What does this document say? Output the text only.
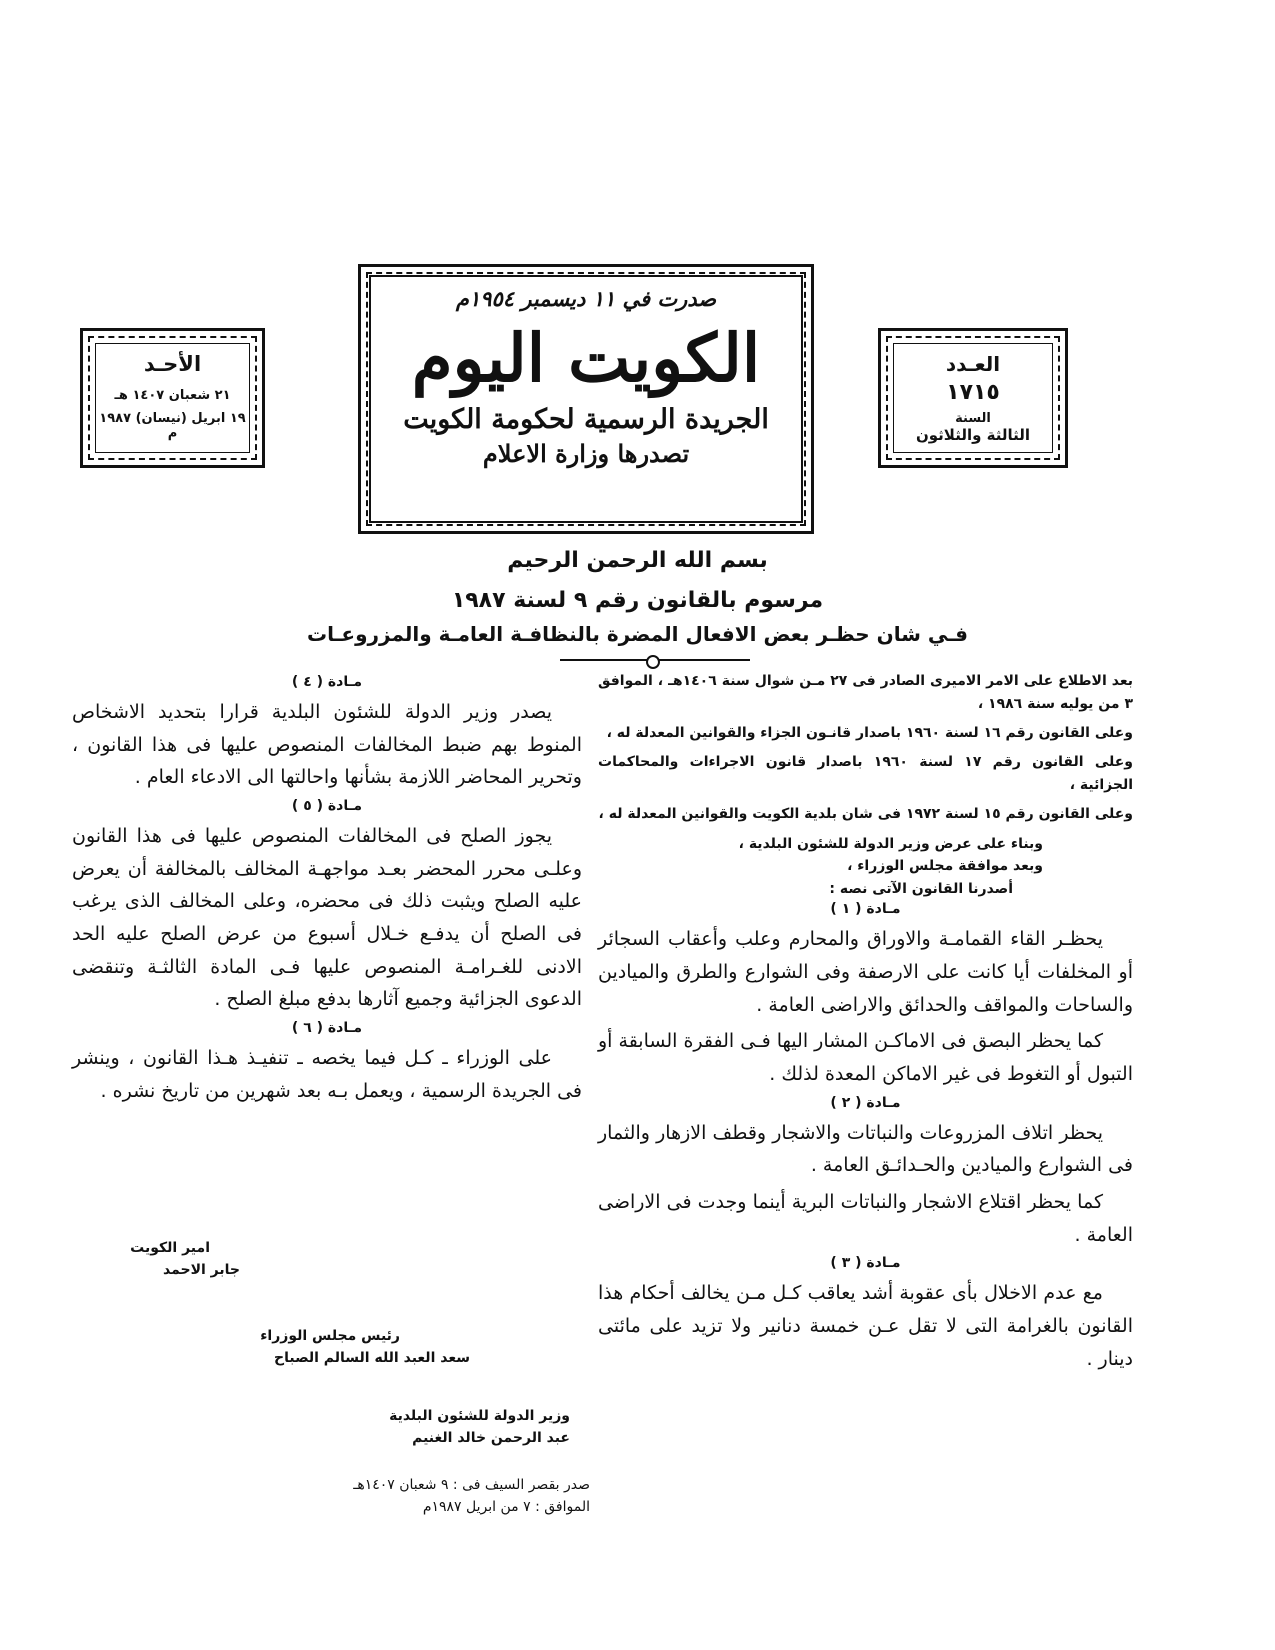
الأحـد
٢١ شعبان ١٤٠٧ هـ
١٩ ابريل (نيسان) ١٩٨٧ م
صدرت في ١١ ديسمبر ١٩٥٤م
الكويت اليوم
الجريدة الرسمية لحكومة الكويت
تصدرها وزارة الاعلام
العـدد
١٧١٥
السنة
الثالثة والثلاثون
بسم الله الرحمن الرحيم
مرسوم بالقانون رقم ٩ لسنة ١٩٨٧
فـي شان حظـر بعض الافعال المضرة بالنظافـة العامـة والمزروعـات

بعد الاطلاع على الامر الاميرى الصادر فى ٢٧ مـن شوال سنة ١٤٠٦هـ ، الموافق ٣ من يوليه سنة ١٩٨٦ ،

وعلى القانون رقم ١٦ لسنة ١٩٦٠ باصدار قانـون الجزاء والقوانين المعدلة له ،

وعلى القانون رقم ١٧ لسنة ١٩٦٠ باصدار قانون الاجراءات والمحاكمات الجزائية ،

وعلى القانون رقم ١٥ لسنة ١٩٧٢ فى شان بلدية الكويت والقوانين المعدلة له ،

وبناء على عرض وزير الدولة للشئون البلدية ،

وبعد موافقة مجلس الوزراء ،

أصدرنا القانون الآتى نصه :

مـادة ( ١ )

يحظـر القاء القمامـة والاوراق والمحارم وعلب وأعقاب السجائر أو المخلفات أيا كانت على الارصفة وفى الشوارع والطرق والميادين والساحات والمواقف والحدائق والاراضى العامة .

كما يحظر البصق فى الاماكـن المشار اليها فـى الفقرة السابقة أو التبول أو التغوط فى غير الاماكن المعدة لذلك .

مـادة ( ٢ )

يحظر اتلاف المزروعات والنباتات والاشجار وقطف الازهار والثمار فى الشوارع والميادين والحـدائـق العامة .

كما يحظر اقتلاع الاشجار والنباتات البرية أينما وجدت فى الاراضى العامة .

مـادة ( ٣ )

مع عدم الاخلال بأى عقوبة أشد يعاقب كـل مـن يخالف أحكام هذا القانون بالغرامة التى لا تقل عـن خمسة دنانير ولا تزيد على مائتى دينار .

مـادة ( ٤ )

يصدر وزير الدولة للشئون البلدية قرارا بتحديد الاشخاص المنوط بهم ضبط المخالفات المنصوص عليها فى هذا القانون ، وتحرير المحاضر اللازمة بشأنها واحالتها الى الادعاء العام .

مـادة ( ٥ )

يجوز الصلح فى المخالفات المنصوص عليها فى هذا القانون وعلـى محرر المحضر بعـد مواجهـة المخالف بالمخالفة أن يعرض عليه الصلح ويثبت ذلك فى محضره، وعلى المخالف الذى يرغب فى الصلح أن يدفـع خـلال أسبوع من عرض الصلح عليه الحد الادنى للغـرامـة المنصوص عليها فـى المادة الثالثـة وتنقضى الدعوى الجزائية وجميع آثارها بدفع مبلغ الصلح .

مـادة ( ٦ )

على الوزراء ـ كـل فيما يخصه ـ تنفيـذ هـذا القانون ، وينشر فى الجريدة الرسمية ، ويعمل بـه بعد شهرين من تاريخ نشره .

امير الكويت
جابر الاحمد
رئيس مجلس الوزراء
سعد العبد الله السالم الصباح
وزير الدولة للشئون البلدية
عبد الرحمن خالد الغنيم
صدر بقصر السيف فى : ٩ شعبان ١٤٠٧هـ
الموافق : ٧ من ابريل ١٩٨٧م
